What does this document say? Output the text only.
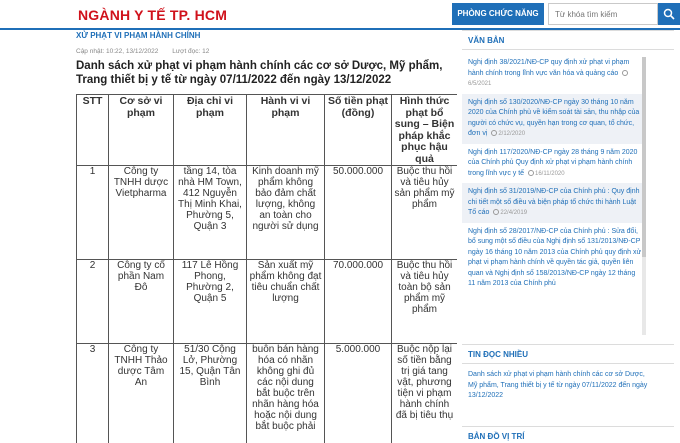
NGÀNH Y TẾ TP. HCM	PHÒNG CHỨC NĂNG
Từ khóa tìm kiếm
XỬ PHẠT VI PHẠM HÀNH CHÍNH
Cập nhật: 10:22, 13/12/2022 Lượt đọc: 12
Danh sách xử phạt vi phạm hành chính các cơ sở Dược, Mỹ phẩm, Trang thiết bị y tế từ ngày 07/11/2022 đến ngày 13/12/2022
STT	Cơ sở vi phạm	Địa chỉ vi phạm	Hành vi vi phạm	Số tiền phạt (đồng)	Hình thức phạt bổ sung – Biện pháp khắc phục hậu quả
1	Công ty TNHH dược Vietpharma	tầng 14, tòa nhà HM Town, 412 Nguyễn Thị Minh Khai, Phường 5, Quận 3	Kinh doanh mỹ phẩm không bảo đảm chất lượng, không an toàn cho người sử dụng	50.000.000	Buộc thu hồi và tiêu hủy sản phẩm mỹ phẩm
2	Công ty cổ phần Nam Đô	117 Lê Hồng Phong, Phường 2, Quận 5	Sản xuất mỹ phẩm không đạt tiêu chuẩn chất lượng	70.000.000	Buộc thu hồi và tiêu hủy toàn bộ sản phẩm mỹ phẩm
3	Công ty TNHH Thảo dược Tâm An	51/30 Cộng Lở, Phường 15, Quận Tân Bình	buôn bán hàng hóa có nhãn không ghi đủ các nội dung bắt buộc trên nhãn hàng hóa hoặc nội dung bắt buộc phải	5.000.000	Buộc nộp lại số tiền bằng trị giá tang vật, phương tiện vi phạm hành chính đã bị tiêu thụ
VĂN BẢN
Nghị định 38/2021/NĐ-CP quy định xử phạt vi phạm hành chính trong lĩnh vực văn hóa và quảng cáo 6/5/2021
Nghị định số 130/2020/NĐ-CP ngày 30 tháng 10 năm 2020 của Chính phủ về kiểm soát tài sản, thu nhập của người có chức vụ, quyền hạn trong cơ quan, tổ chức, đơn vị 2/12/2020
Nghị định 117/2020/NĐ-CP ngày 28 tháng 9 năm 2020 của Chính phủ Quy định xử phạt vi phạm hành chính trong lĩnh vực y tế 16/11/2020
Nghị định số 31/2019/NĐ-CP của Chính phủ : Quy định chi tiết một số điều và biện pháp tổ chức thi hành Luật Tố cáo 22/4/2019
Nghị định số 28/2017/NĐ-CP của Chính phủ : Sửa đổi, bổ sung một số điều của Nghị định số 131/2013/NĐ-CP ngày 16 tháng 10 năm 2013 của Chính phủ quy định xử phạt vi phạm hành chính về quyền tác giả, quyền liên quan và Nghị định số 158/2013/NĐ-CP ngày 12 tháng 11 năm 2013 của Chính phủ
TIN ĐỌC NHIỀU
Danh sách xử phạt vi phạm hành chính các cơ sở Dược, Mỹ phẩm, Trang thiết bị y tế từ ngày 07/11/2022 đến ngày 13/12/2022
BẢN ĐỒ VỊ TRÍ
